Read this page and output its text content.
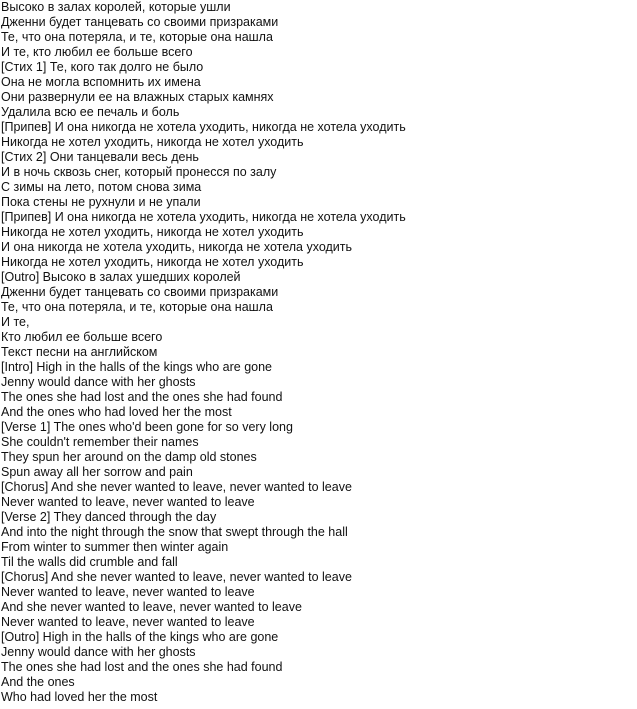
Высоко в залах королей, которые ушли
Дженни будет танцевать со своими призраками
Те, что она потеряла, и те, которые она нашла
И те, кто любил ее больше всего
[Стих 1] Те, кого так долго не было
Она не могла вспомнить их имена
Они развернули ее на влажных старых камнях
Удалила всю ее печаль и боль
[Припев] И она никогда не хотела уходить, никогда не хотела уходить
Никогда не хотел уходить, никогда не хотел уходить
[Стих 2] Они танцевали весь день
И в ночь сквозь снег, который пронесся по залу
С зимы на лето, потом снова зима
Пока стены не рухнули и не упали
[Припев] И она никогда не хотела уходить, никогда не хотела уходить
Никогда не хотел уходить, никогда не хотел уходить
И она никогда не хотела уходить, никогда не хотела уходить
Никогда не хотел уходить, никогда не хотел уходить
[Outro] Высоко в залах ушедших королей
Дженни будет танцевать со своими призраками
Те, что она потеряла, и те, которые она нашла
И те,
Кто любил ее больше всего
Текст песни на английском
[Intro] High in the halls of the kings who are gone
Jenny would dance with her ghosts
The ones she had lost and the ones she had found
And the ones who had loved her the most
[Verse 1] The ones who'd been gone for so very long
She couldn't remember their names
They spun her around on the damp old stones
Spun away all her sorrow and pain
[Chorus] And she never wanted to leave, never wanted to leave
Never wanted to leave, never wanted to leave
[Verse 2] They danced through the day
And into the night through the snow that swept through the hall
From winter to summer then winter again
Til the walls did crumble and fall
[Chorus] And she never wanted to leave, never wanted to leave
Never wanted to leave, never wanted to leave
And she never wanted to leave, never wanted to leave
Never wanted to leave, never wanted to leave
[Outro] High in the halls of the kings who are gone
Jenny would dance with her ghosts
The ones she had lost and the ones she had found
And the ones
Who had loved her the most
